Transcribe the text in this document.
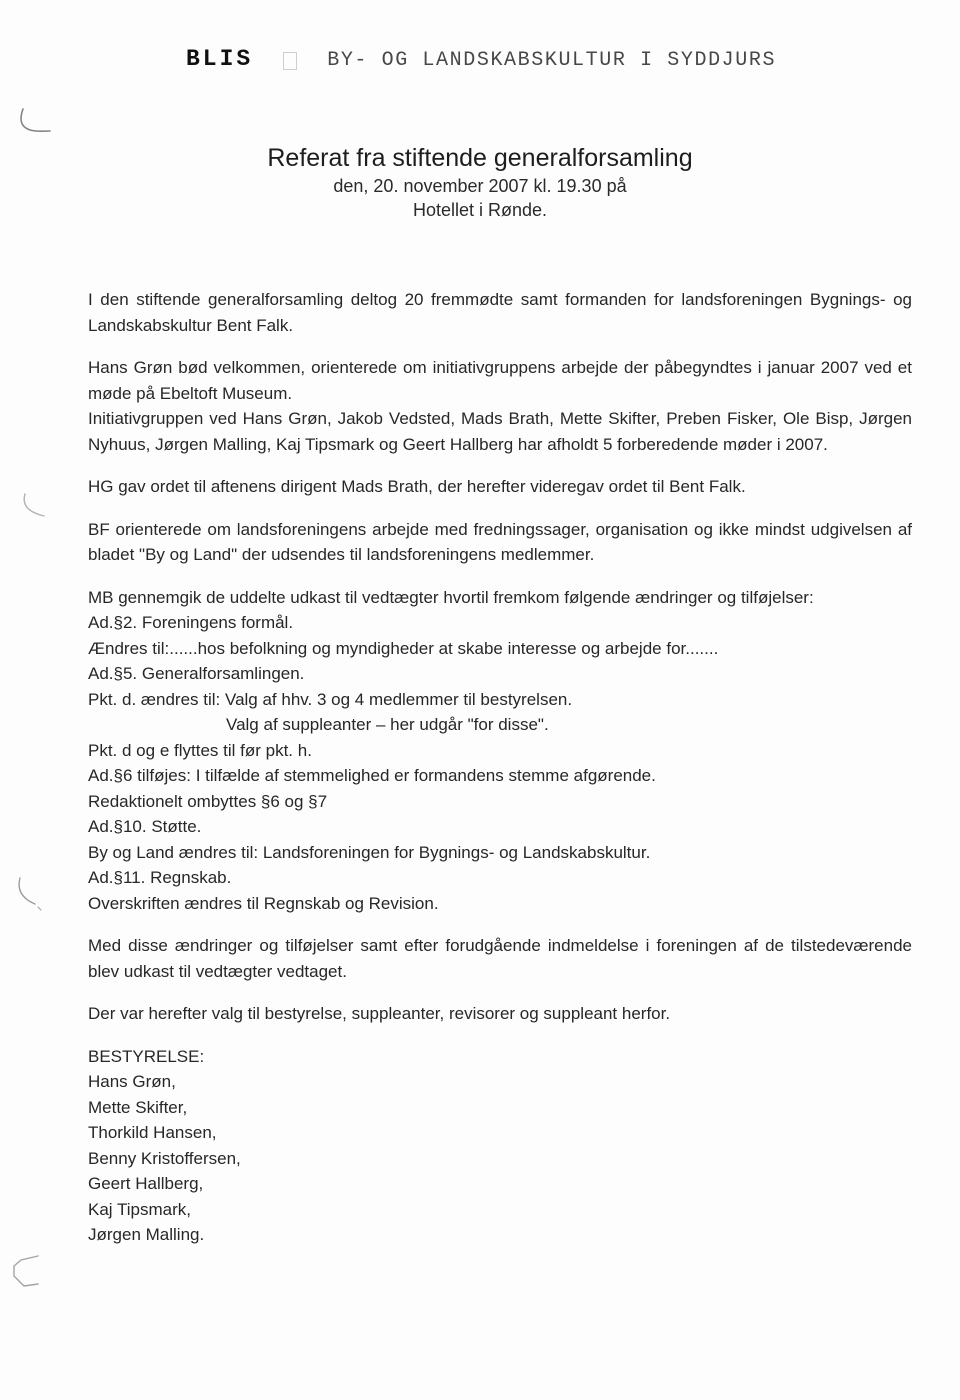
BLIS	BY- OG LANDSKABSKULTUR I SYDDJURS
Referat fra stiftende generalforsamling
den, 20. november 2007 kl. 19.30 på
Hotellet i Rønde.

I den stiftende generalforsamling deltog 20 fremmødte samt formanden for landsforeningen Bygnings- og Landskabskultur Bent Falk.

Hans Grøn bød velkommen, orienterede om initiativgruppens arbejde der påbegyndtes i januar 2007 ved et møde på Ebeltoft Museum.
Initiativgruppen ved Hans Grøn, Jakob Vedsted, Mads Brath, Mette Skifter, Preben Fisker, Ole Bisp, Jørgen Nyhuus, Jørgen Malling, Kaj Tipsmark og Geert Hallberg har afholdt 5 forberedende møder i 2007.

HG gav ordet til aftenens dirigent Mads Brath, der herefter videregav ordet til Bent Falk.

BF orienterede om landsforeningens arbejde med fredningssager, organisation og ikke mindst udgivelsen af bladet "By og Land" der udsendes til landsforeningens medlemmer.

MB gennemgik de uddelte udkast til vedtægter hvortil fremkom følgende ændringer og tilføjelser:
Ad.§2. Foreningens formål.
Ændres til:......hos befolkning og myndigheder at skabe interesse og arbejde for.......
Ad.§5. Generalforsamlingen.
Pkt. d. ændres til: Valg af hhv. 3 og 4 medlemmer til bestyrelsen.
Valg af suppleanter – her udgår "for disse".
Pkt. d og e flyttes til før pkt. h.
Ad.§6 tilføjes: I tilfælde af stemmelighed er formandens stemme afgørende.
Redaktionelt ombyttes §6 og §7
Ad.§10. Støtte.
By og Land ændres til: Landsforeningen for Bygnings- og Landskabskultur.
Ad.§11. Regnskab.
Overskriften ændres til Regnskab og Revision.

Med disse ændringer og tilføjelser samt efter forudgående indmeldelse i foreningen af de tilstedeværende blev udkast til vedtægter vedtaget.

Der var herefter valg til bestyrelse, suppleanter, revisorer og suppleant herfor.

BESTYRELSE:
Hans Grøn,
Mette Skifter,
Thorkild Hansen,
Benny Kristoffersen,
Geert Hallberg,
Kaj Tipsmark,
Jørgen Malling.
